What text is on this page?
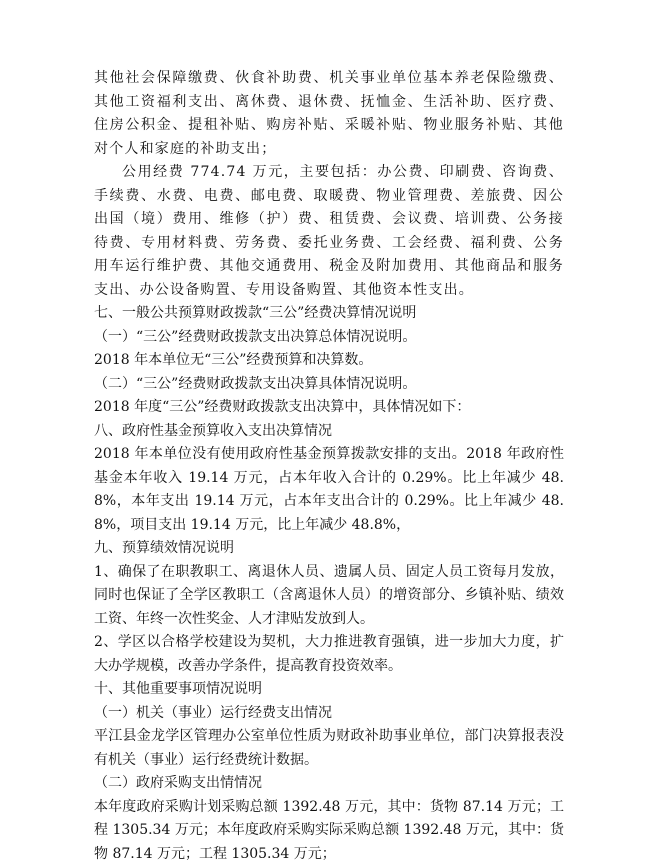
其他社会保障缴费、伙食补助费、机关事业单位基本养老保险缴费、其他工资福利支出、离休费、退休费、抚恤金、生活补助、医疗费、住房公积金、提租补贴、购房补贴、采暖补贴、物业服务补贴、其他对个人和家庭的补助支出；

公用经费 774.74 万元，主要包括：办公费、印刷费、咨询费、手续费、水费、电费、邮电费、取暖费、物业管理费、差旅费、因公出国（境）费用、维修（护）费、租赁费、会议费、培训费、公务接待费、专用材料费、劳务费、委托业务费、工会经费、福利费、公务用车运行维护费、其他交通费用、税金及附加费用、其他商品和服务支出、办公设备购置、专用设备购置、其他资本性支出。

七、一般公共预算财政拨款“三公”经费决算情况说明

（一）“三公”经费财政拨款支出决算总体情况说明。

2018 年本单位无“三公”经费预算和决算数。

（二）“三公”经费财政拨款支出决算具体情况说明。

2018 年度“三公”经费财政拨款支出决算中，具体情况如下：

八、政府性基金预算收入支出决算情况

2018 年本单位没有使用政府性基金预算拨款安排的支出。2018 年政府性基金本年收入 19.14 万元，占本年收入合计的 0.29%。比上年减少 48.8%，本年支出 19.14 万元，占本年支出合计的 0.29%。比上年减少 48.8%，项目支出 19.14 万元，比上年减少 48.8%，

九、预算绩效情况说明

1、确保了在职教职工、离退休人员、遗属人员、固定人员工资每月发放，同时也保证了全学区教职工（含离退休人员）的增资部分、乡镇补贴、绩效工资、年终一次性奖金、人才津贴发放到人。

2、学区以合格学校建设为契机，大力推进教育强镇，进一步加大力度，扩大办学规模，改善办学条件，提高教育投资效率。

十、其他重要事项情况说明

（一）机关（事业）运行经费支出情况

平江县金龙学区管理办公室单位性质为财政补助事业单位，部门决算报表没有机关（事业）运行经费统计数据。

（二）政府采购支出情情况

本年度政府采购计划采购总额 1392.48 万元，其中：货物 87.14 万元；工程 1305.34 万元；本年度政府采购实际采购总额 1392.48 万元，其中：货物 87.14 万元；工程 1305.34 万元；
